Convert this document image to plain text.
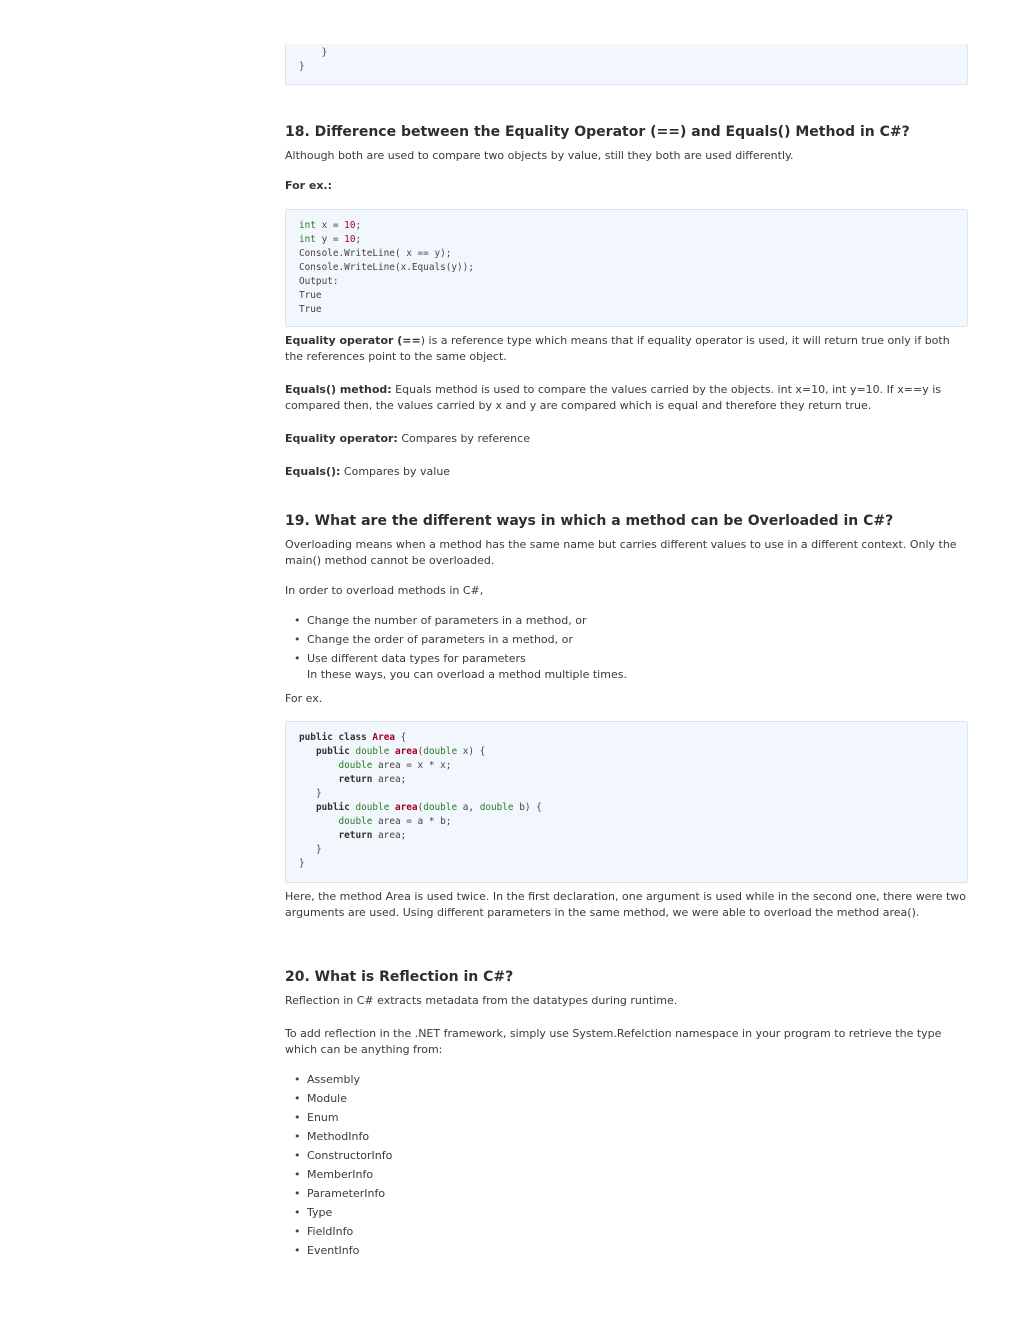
}
}
18. Difference between the Equality Operator (==) and Equals() Method in C#?

Although both are used to compare two objects by value, still they both are used differently.

For ex.:

int x = 10;
int y = 10;
Console.WriteLine( x == y);
Console.WriteLine(x.Equals(y));
Output:
True
True

Equality operator (==) is a reference type which means that if equality operator is used, it will return true only if both the references point to the same object.

Equals() method: Equals method is used to compare the values carried by the objects. int x=10, int y=10. If x==y is compared then, the values carried by x and y are compared which is equal and therefore they return true.

Equality operator: Compares by reference

Equals(): Compares by value

19. What are the different ways in which a method can be Overloaded in C#?

Overloading means when a method has the same name but carries different values to use in a different context. Only the main() method cannot be overloaded.

In order to overload methods in C#,

• Change the number of parameters in a method, or
• Change the order of parameters in a method, or
• Use different data types for parameters
In these ways, you can overload a method multiple times.

For ex.

public class Area {
public double area(double x) {
double area = x * x;
return area;
}
public double area(double a, double b) {
double area = a * b;
return area;
}
}

Here, the method Area is used twice. In the first declaration, one argument is used while in the second one, there were two arguments are used. Using different parameters in the same method, we were able to overload the method area().

20. What is Reflection in C#?

Reflection in C# extracts metadata from the datatypes during runtime.

To add reflection in the .NET framework, simply use System.Refelction namespace in your program to retrieve the type which can be anything from:

• Assembly
• Module
• Enum
• MethodInfo
• ConstructorInfo
• MemberInfo
• ParameterInfo
• Type
• FieldInfo
• EventInfo
